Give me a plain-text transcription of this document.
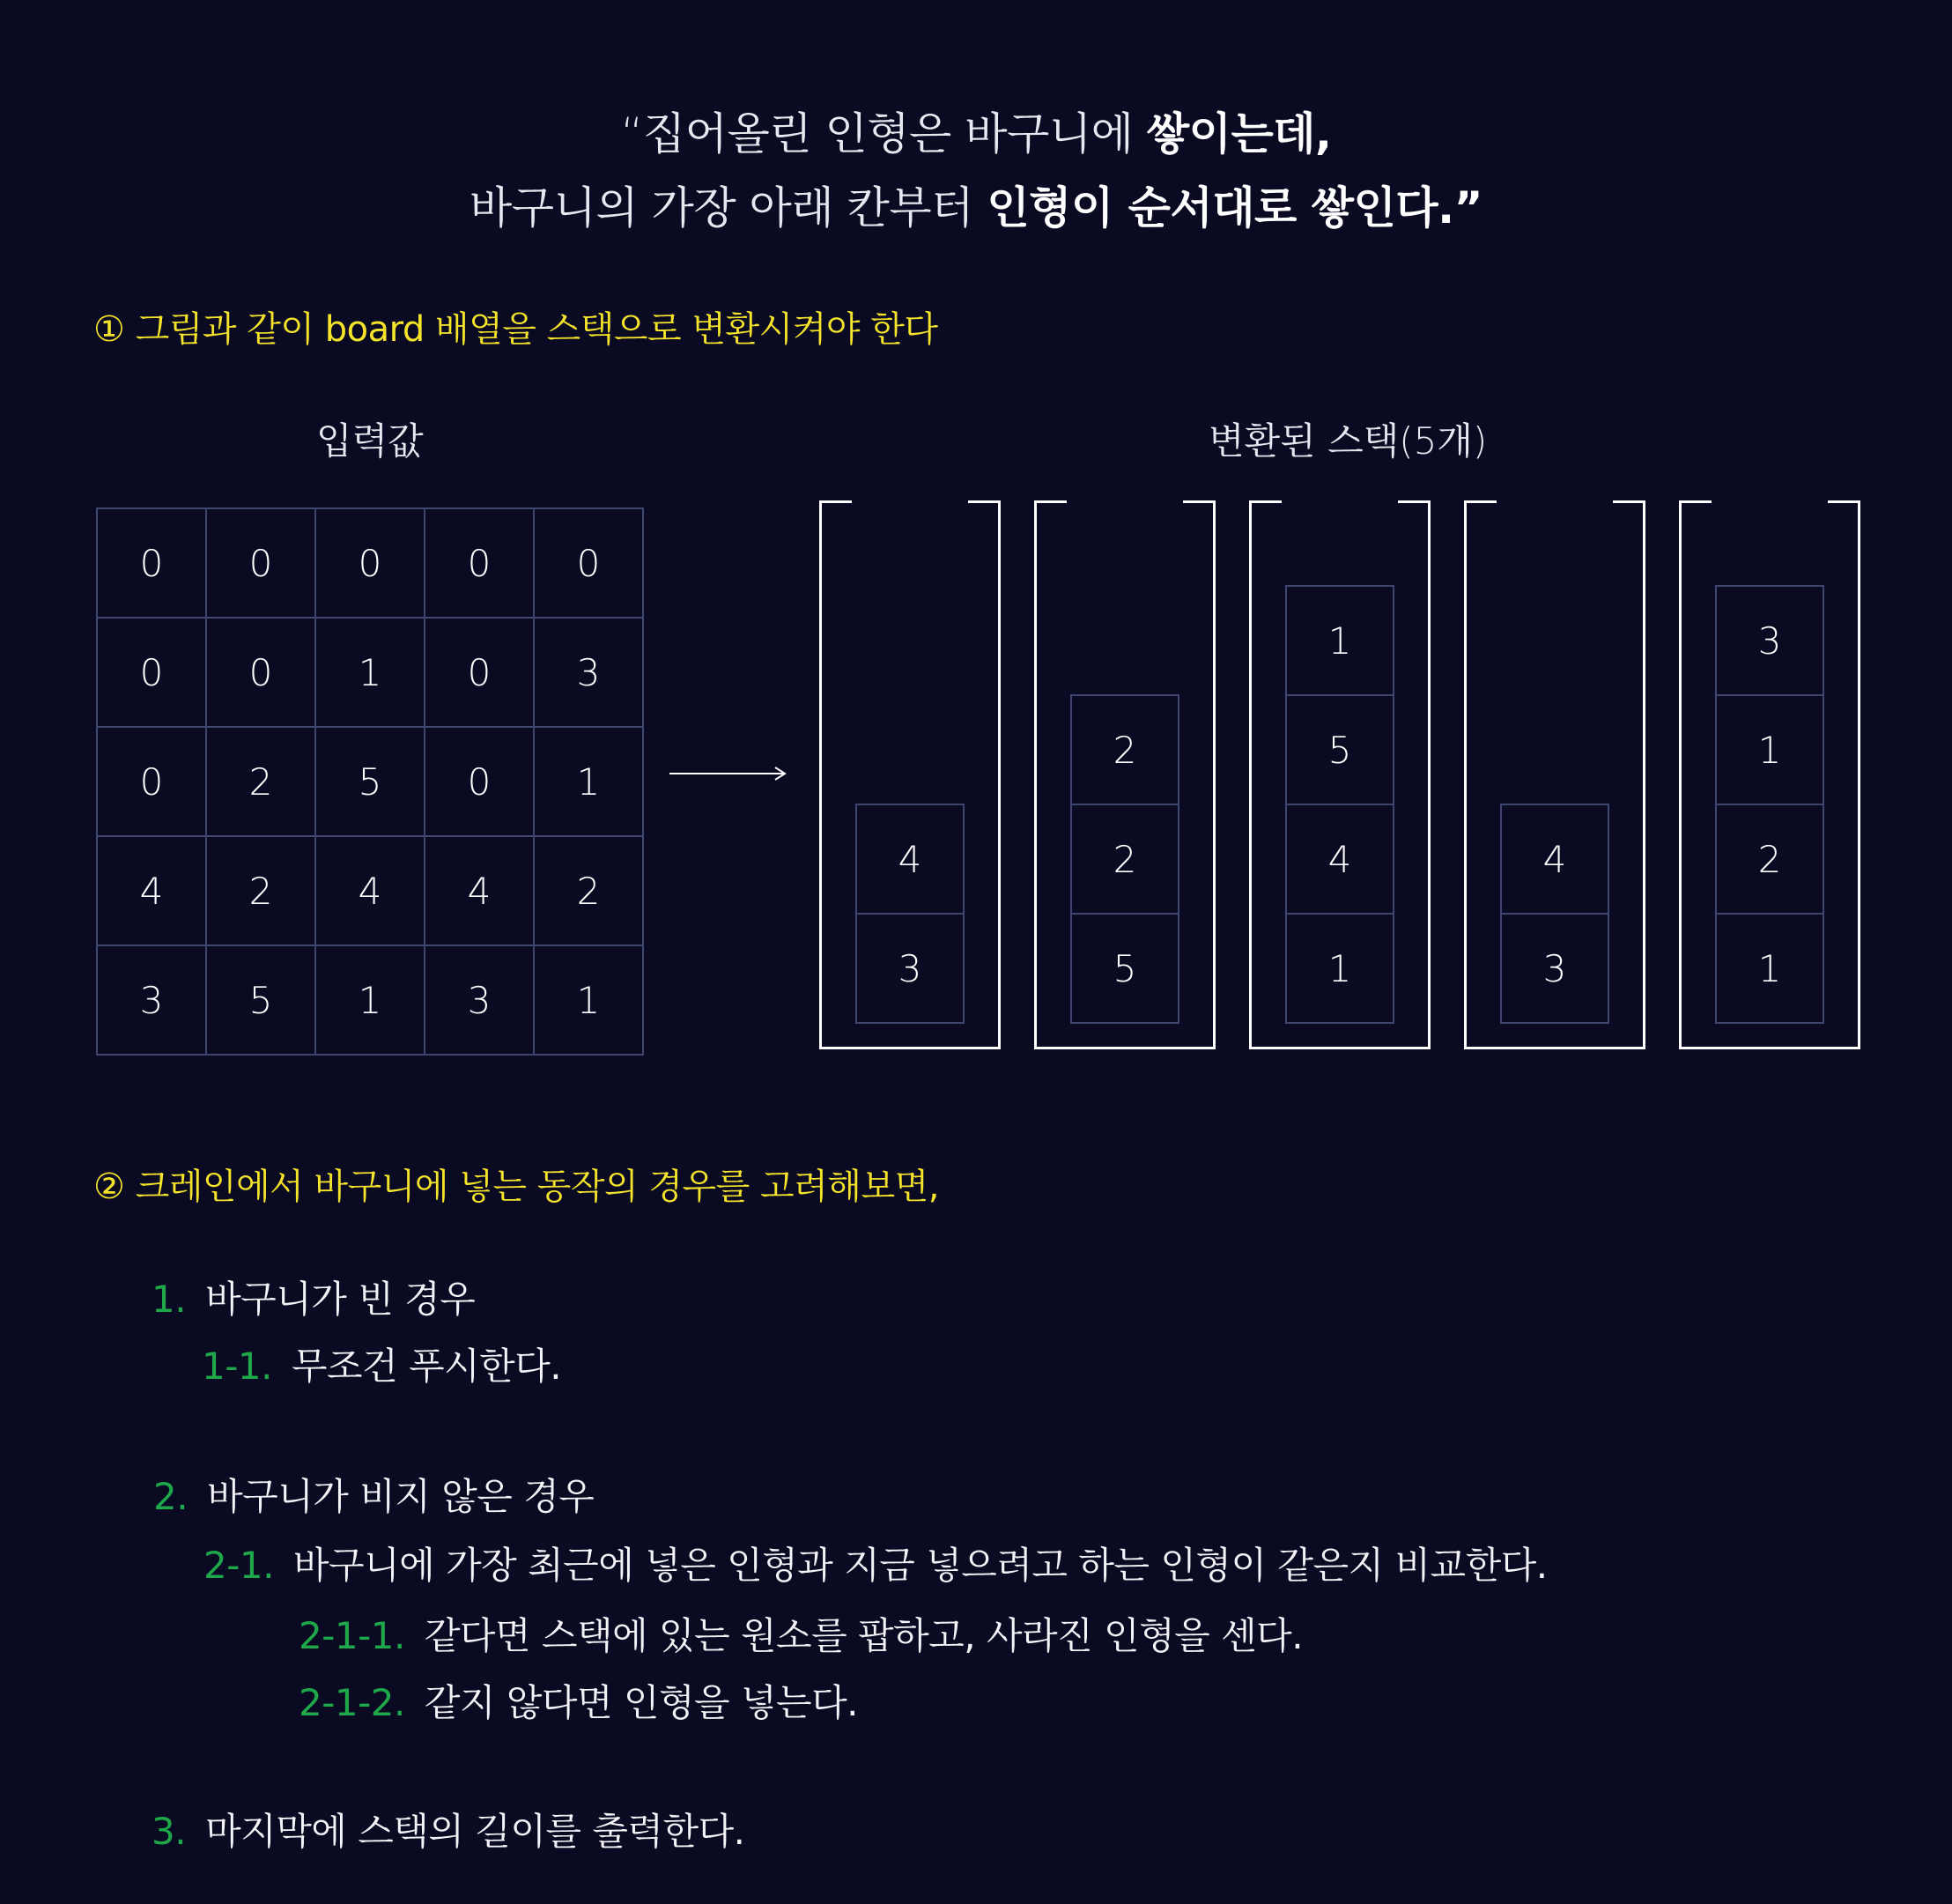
“집어올린 인형은 바구니에 쌓이는데,
바구니의 가장 아래 칸부터 인형이 순서대로 쌓인다.”
① 그림과 같이 board 배열을 스택으로 변환시켜야 한다
입력값	변환된 스택(5개)
0	0	0	0	0
0	0	1	0	3
0	2	5	0	1
4	2	4	4	2
3	5	1	3	1
3
4
5
2
2
1
4
5
1
3
4
1
2
1
3
② 크레인에서 바구니에 넣는 동작의 경우를 고려해보면,
1. 바구니가 빈 경우
1-1. 무조건 푸시한다.
2. 바구니가 비지 않은 경우
2-1. 바구니에 가장 최근에 넣은 인형과 지금 넣으려고 하는 인형이 같은지 비교한다.
2-1-1. 같다면 스택에 있는 원소를 팝하고, 사라진 인형을 센다.
2-1-2. 같지 않다면 인형을 넣는다.
3. 마지막에 스택의 길이를 출력한다.
